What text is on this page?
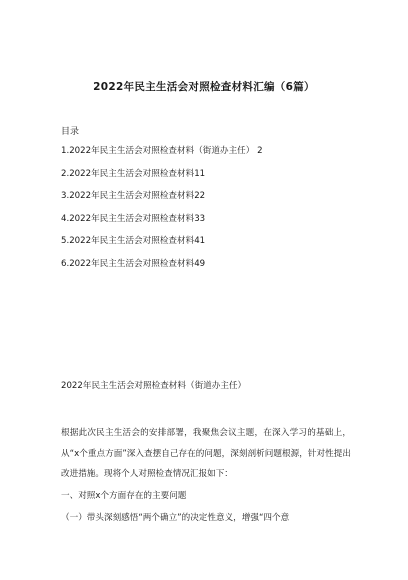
2022年民主生活会对照检查材料汇编（6篇）
目录
1.2022年民主生活会对照检查材料（街道办主任） 2
2.2022年民主生活会对照检查材料11
3.2022年民主生活会对照检查材料22
4.2022年民主生活会对照检查材料33
5.2022年民主生活会对照检查材料41
6.2022年民主生活会对照检查材料49
2022年民主生活会对照检查材料（街道办主任）

根据此次民主生活会的安排部署，我聚焦会议主题，在深入学习的基础上，从“x个重点方面”深入查摆自己存在的问题，深刻剖析问题根源，针对性提出改进措施。现将个人对照检查情况汇报如下：

一、对照x个方面存在的主要问题
（一）带头深刻感悟“两个确立”的决定性意义，增强“四个意
